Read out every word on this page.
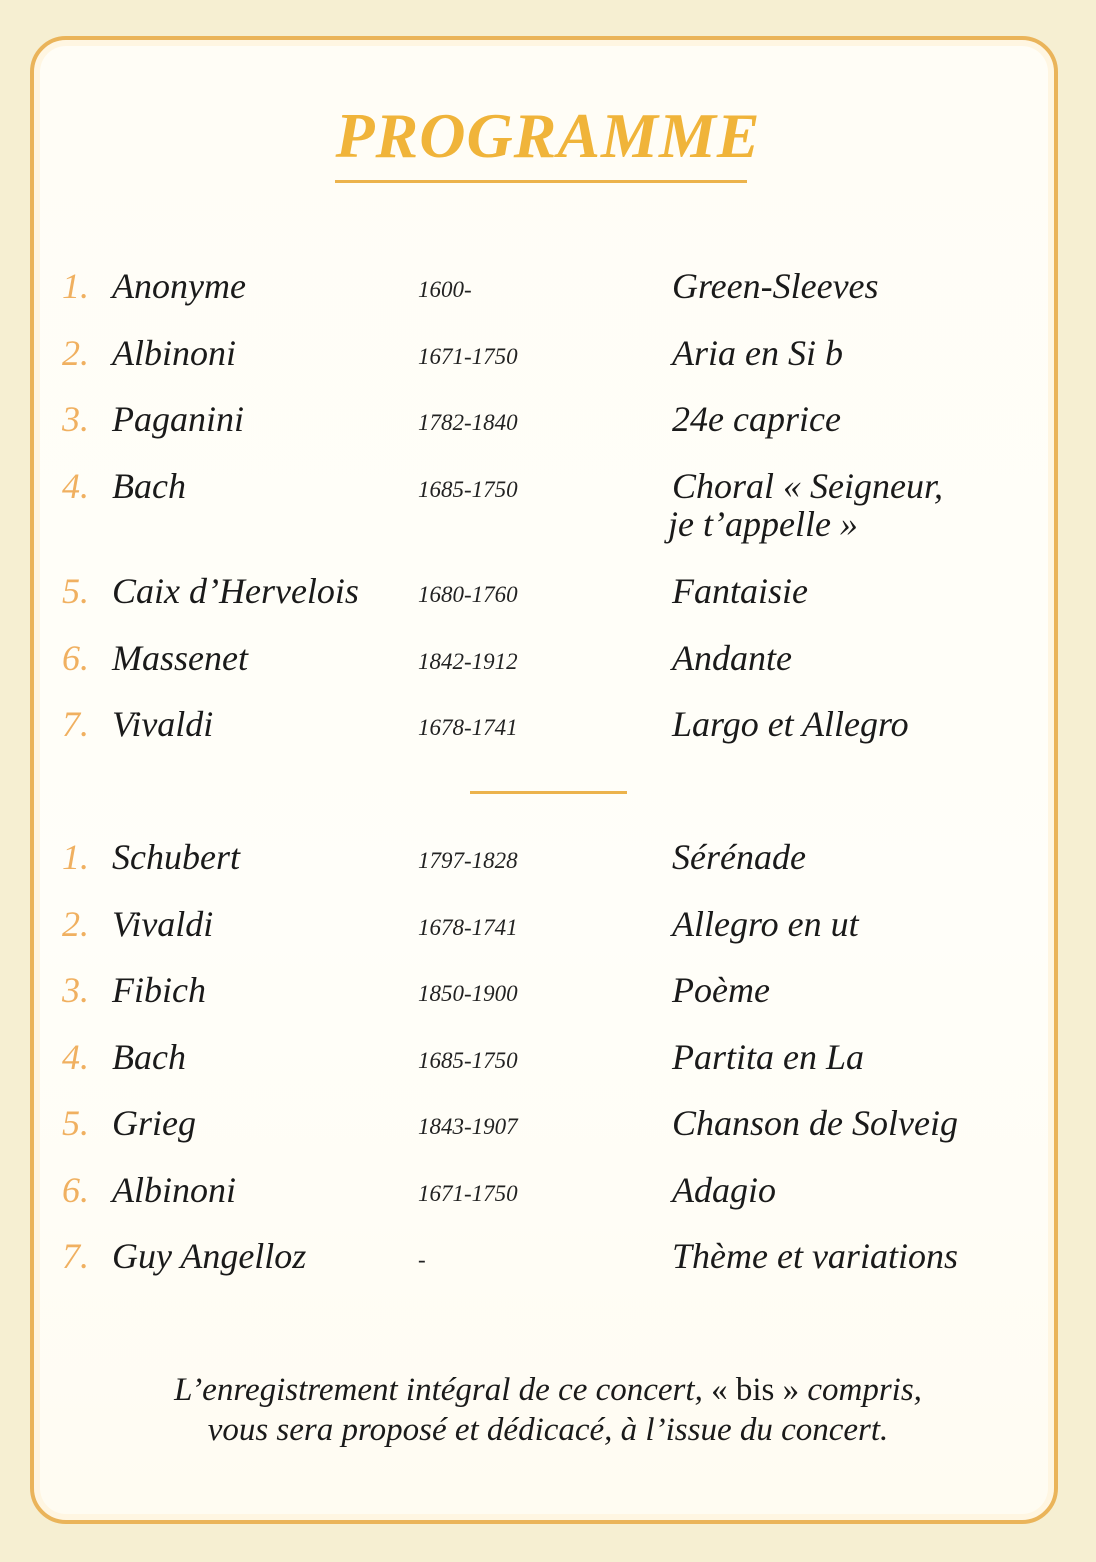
PROGRAMME
1. Anonyme	1600-	Green-Sleeves
2. Albinoni	1671-1750	Aria en Si b
3. Paganini	1782-1840	24e caprice
4. Bach	1685-1750	Choral « Seigneur,
je t’appelle »
5. Caix d’Hervelois	1680-1760	Fantaisie
6. Massenet	1842-1912	Andante
7. Vivaldi	1678-1741	Largo et Allegro
1. Schubert	1797-1828	Sérénade
2. Vivaldi	1678-1741	Allegro en ut
3. Fibich	1850-1900	Poème
4. Bach	1685-1750	Partita en La
5. Grieg	1843-1907	Chanson de Solveig
6. Albinoni	1671-1750	Adagio
7. Guy Angelloz	-	Thème et variations
L’enregistrement intégral de ce concert, « bis » compris,
vous sera proposé et dédicacé, à l’issue du concert.
